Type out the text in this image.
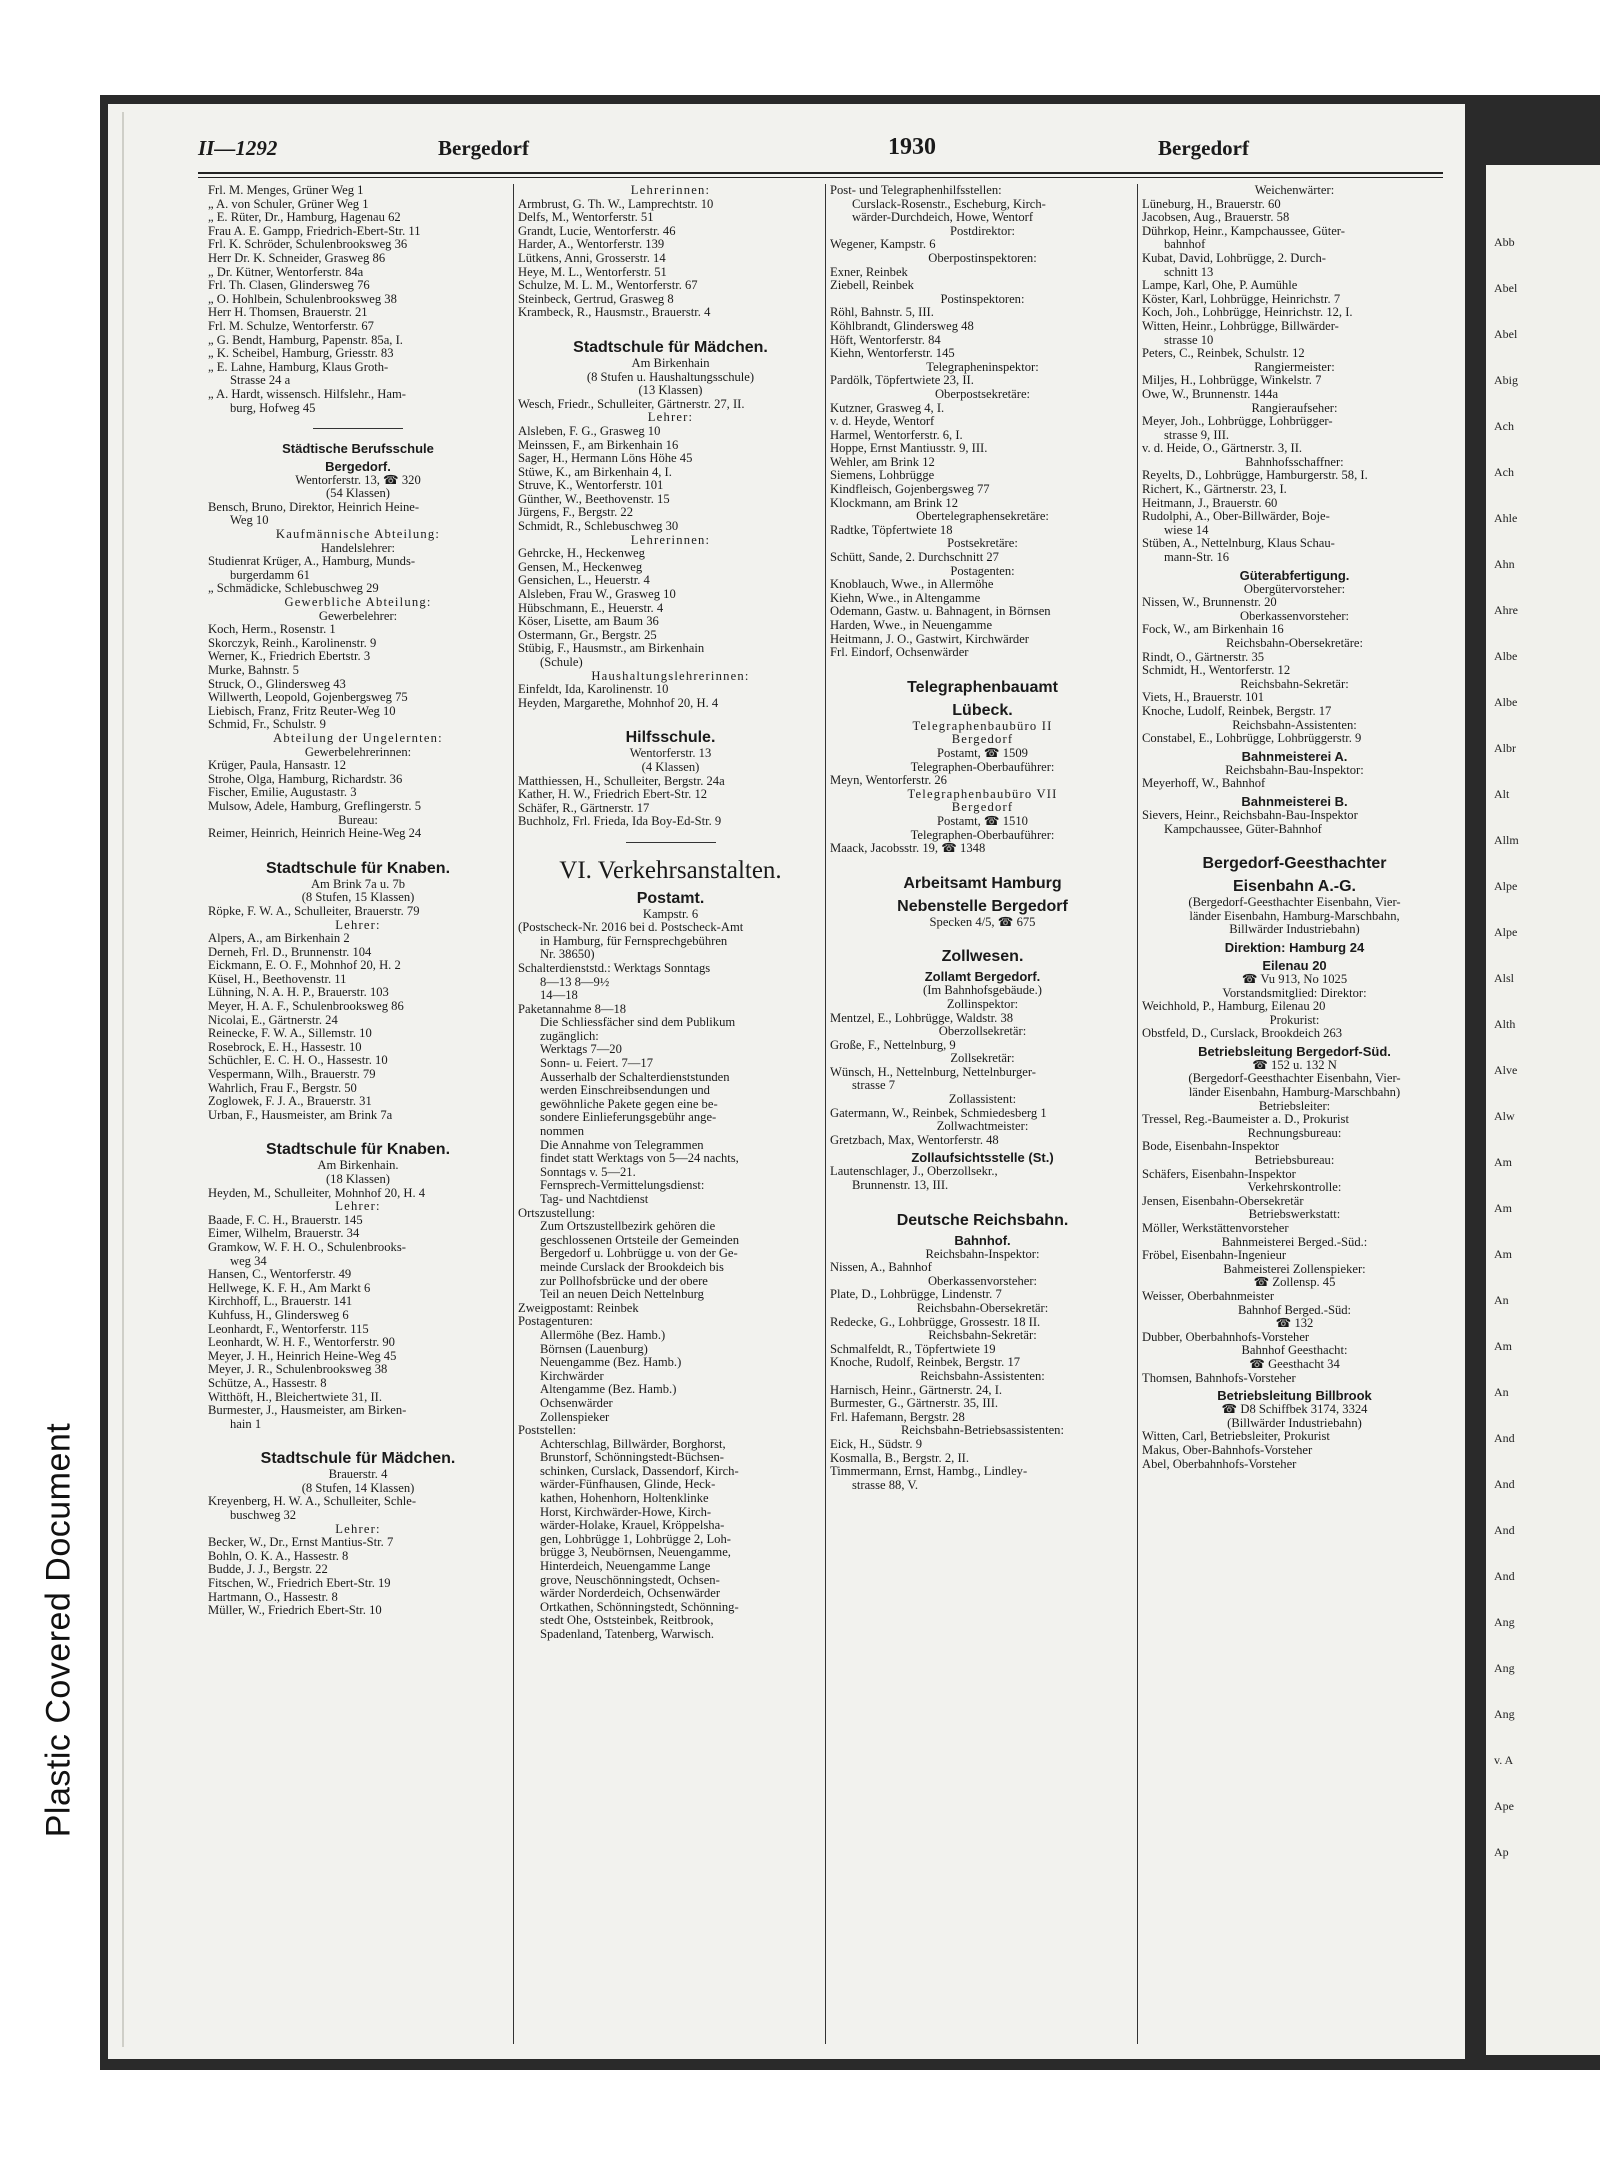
Plastic Covered Document
II—1292	Bergedorf	1930	Bergedorf
Frl. M. Menges, Grüner Weg 1
„ A. von Schuler, Grüner Weg 1
„ E. Rüter, Dr., Hamburg, Hagenau 62
Frau A. E. Gampp, Friedrich-Ebert-Str. 11
Frl. K. Schröder, Schulenbrooksweg 36
Herr Dr. K. Schneider, Grasweg 86
„ Dr. Kütner, Wentorferstr. 84a
Frl. Th. Clasen, Glindersweg 76
„ O. Hohlbein, Schulenbrooksweg 38
Herr H. Thomsen, Brauerstr. 21
Frl. M. Schulze, Wentorferstr. 67
„ G. Bendt, Hamburg, Papenstr. 85a, I.
„ K. Scheibel, Hamburg, Griesstr. 83
„ E. Lahne, Hamburg, Klaus Groth-
Strasse 24 a
„ A. Hardt, wissensch. Hilfslehr., Ham-
burg, Hofweg 45
Städtische Berufsschule
Bergedorf.
Wentorferstr. 13, ☎ 320
(54 Klassen)
Bensch, Bruno, Direktor, Heinrich Heine-
Weg 10
Kaufmännische Abteilung:
Handelslehrer:
Studienrat Krüger, A., Hamburg, Munds-
burgerdamm 61
„ Schmädicke, Schlebuschweg 29
Gewerbliche Abteilung:
Gewerbelehrer:
Koch, Herm., Rosenstr. 1
Skorczyk, Reinh., Karolinenstr. 9
Werner, K., Friedrich Ebertstr. 3
Murke, Bahnstr. 5
Struck, O., Glindersweg 43
Willwerth, Leopold, Gojenbergsweg 75
Liebisch, Franz, Fritz Reuter-Weg 10
Schmid, Fr., Schulstr. 9
Abteilung der Ungelernten:
Gewerbelehrerinnen:
Krüger, Paula, Hansastr. 12
Strohe, Olga, Hamburg, Richardstr. 36
Fischer, Emilie, Augustastr. 3
Mulsow, Adele, Hamburg, Greflingerstr. 5
Bureau:
Reimer, Heinrich, Heinrich Heine-Weg 24
Stadtschule für Knaben.
Am Brink 7a u. 7b
(8 Stufen, 15 Klassen)
Röpke, F. W. A., Schulleiter, Brauerstr. 79
Lehrer:
Alpers, A., am Birkenhain 2
Derneh, Frl. D., Brunnenstr. 104
Eickmann, E. O. F., Mohnhof 20, H. 2
Küsel, H., Beethovenstr. 11
Lühning, N. A. H. P., Brauerstr. 103
Meyer, H. A. F., Schulenbrooksweg 86
Nicolai, E., Gärtnerstr. 24
Reinecke, F. W. A., Sillemstr. 10
Rosebrock, E. H., Hassestr. 10
Schüchler, E. C. H. O., Hassestr. 10
Vespermann, Wilh., Brauerstr. 79
Wahrlich, Frau F., Bergstr. 50
Zoglowek, F. J. A., Brauerstr. 31
Urban, F., Hausmeister, am Brink 7a
Stadtschule für Knaben.
Am Birkenhain.
(18 Klassen)
Heyden, M., Schulleiter, Mohnhof 20, H. 4
Lehrer:
Baade, F. C. H., Brauerstr. 145
Eimer, Wilhelm, Brauerstr. 34
Gramkow, W. F. H. O., Schulenbrooks-
weg 34
Hansen, C., Wentorferstr. 49
Hellwege, K. F. H., Am Markt 6
Kirchhoff, L., Brauerstr. 141
Kuhfuss, H., Glindersweg 6
Leonhardt, F., Wentorferstr. 115
Leonhardt, W. H. F., Wentorferstr. 90
Meyer, J. H., Heinrich Heine-Weg 45
Meyer, J. R., Schulenbrooksweg 38
Schütze, A., Hassestr. 8
Witthöft, H., Bleichertwiete 31, II.
Burmester, J., Hausmeister, am Birken-
hain 1
Stadtschule für Mädchen.
Brauerstr. 4
(8 Stufen, 14 Klassen)
Kreyenberg, H. W. A., Schulleiter, Schle-
buschweg 32
Lehrer:
Becker, W., Dr., Ernst Mantius-Str. 7
Bohln, O. K. A., Hassestr. 8
Budde, J. J., Bergstr. 22
Fitschen, W., Friedrich Ebert-Str. 19
Hartmann, O., Hassestr. 8
Müller, W., Friedrich Ebert-Str. 10
Lehrerinnen:
Armbrust, G. Th. W., Lamprechtstr. 10
Delfs, M., Wentorferstr. 51
Grandt, Lucie, Wentorferstr. 46
Harder, A., Wentorferstr. 139
Lütkens, Anni, Grosserstr. 14
Heye, M. L., Wentorferstr. 51
Schulze, M. L. M., Wentorferstr. 67
Steinbeck, Gertrud, Grasweg 8
Krambeck, R., Hausmstr., Brauerstr. 4
Stadtschule für Mädchen.
Am Birkenhain
(8 Stufen u. Haushaltungsschule)
(13 Klassen)
Wesch, Friedr., Schulleiter, Gärtnerstr. 27, II.
Lehrer:
Alsleben, F. G., Grasweg 10
Meinssen, F., am Birkenhain 16
Sager, H., Hermann Löns Höhe 45
Stüwe, K., am Birkenhain 4, I.
Struve, K., Wentorferstr. 101
Günther, W., Beethovenstr. 15
Jürgens, F., Bergstr. 22
Schmidt, R., Schlebuschweg 30
Lehrerinnen:
Gehrcke, H., Heckenweg
Gensen, M., Heckenweg
Gensichen, L., Heuerstr. 4
Alsleben, Frau W., Grasweg 10
Hübschmann, E., Heuerstr. 4
Köser, Lisette, am Baum 36
Ostermann, Gr., Bergstr. 25
Stübig, F., Hausmstr., am Birkenhain
(Schule)
Haushaltungslehrerinnen:
Einfeldt, Ida, Karolinenstr. 10
Heyden, Margarethe, Mohnhof 20, H. 4
Hilfsschule.
Wentorferstr. 13
(4 Klassen)
Matthiessen, H., Schulleiter, Bergstr. 24a
Kather, H. W., Friedrich Ebert-Str. 12
Schäfer, R., Gärtnerstr. 17
Buchholz, Frl. Frieda, Ida Boy-Ed-Str. 9
VI. Verkehrsanstalten.
Postamt.
Kampstr. 6
(Postscheck-Nr. 2016 bei d. Postscheck-Amt
in Hamburg, für Fernsprechgebühren
Nr. 38650)
Schalterdienststd.: Werktags Sonntags
8—13 8—9½
14—18
Paketannahme 8—18
Die Schliessfächer sind dem Publikum
zugänglich:
Werktags 7—20
Sonn- u. Feiert. 7—17
Ausserhalb der Schalterdienststunden
werden Einschreibsendungen und
gewöhnliche Pakete gegen eine be-
sondere Einlieferungsgebühr ange-
nommen
Die Annahme von Telegrammen
findet statt Werktags von 5—24 nachts,
Sonntags v. 5—21.
Fernsprech-Vermittelungsdienst:
Tag- und Nachtdienst
Ortszustellung:
Zum Ortszustellbezirk gehören die
geschlossenen Ortsteile der Gemeinden
Bergedorf u. Lohbrügge u. von der Ge-
meinde Curslack der Brookdeich bis
zur Pollhofsbrücke und der obere
Teil an neuen Deich Nettelnburg
Zweigpostamt: Reinbek
Postagenturen:
Allermöhe (Bez. Hamb.)
Börnsen (Lauenburg)
Neuengamme (Bez. Hamb.)
Kirchwärder
Altengamme (Bez. Hamb.)
Ochsenwärder
Zollenspieker
Poststellen:
Achterschlag, Billwärder, Borghorst,
Brunstorf, Schönningstedt-Büchsen-
schinken, Curslack, Dassendorf, Kirch-
wärder-Fünfhausen, Glinde, Heck-
kathen, Hohenhorn, Holtenklinke
Horst, Kirchwärder-Howe, Kirch-
wärder-Holake, Krauel, Kröppelsha-
gen, Lohbrügge 1, Lohbrügge 2, Loh-
brügge 3, Neubörnsen, Neuengamme,
Hinterdeich, Neuengamme Lange
grove, Neuschönningstedt, Ochsen-
wärder Norderdeich, Ochsenwärder
Ortkathen, Schönningstedt, Schönning-
stedt Ohe, Oststeinbek, Reitbrook,
Spadenland, Tatenberg, Warwisch.
Post- und Telegraphenhilfsstellen:
Curslack-Rosenstr., Escheburg, Kirch-
wärder-Durchdeich, Howe, Wentorf
Postdirektor:
Wegener, Kampstr. 6
Oberpostinspektoren:
Exner, Reinbek
Ziebell, Reinbek
Postinspektoren:
Röhl, Bahnstr. 5, III.
Köhlbrandt, Glindersweg 48
Höft, Wentorferstr. 84
Kiehn, Wentorferstr. 145
Telegrapheninspektor:
Pardölk, Töpfertwiete 23, II.
Oberpostsekretäre:
Kutzner, Grasweg 4, I.
v. d. Heyde, Wentorf
Harmel, Wentorferstr. 6, I.
Hoppe, Ernst Mantiusstr. 9, III.
Wehler, am Brink 12
Siemens, Lohbrügge
Kindfleisch, Gojenbergsweg 77
Klockmann, am Brink 12
Obertelegraphensekretäre:
Radtke, Töpfertwiete 18
Postsekretäre:
Schütt, Sande, 2. Durchschnitt 27
Postagenten:
Knoblauch, Wwe., in Allermöhe
Kiehn, Wwe., in Altengamme
Odemann, Gastw. u. Bahnagent, in Börnsen
Harden, Wwe., in Neuengamme
Heitmann, J. O., Gastwirt, Kirchwärder
Frl. Eindorf, Ochsenwärder
Telegraphenbauamt
Lübeck.
Telegraphenbaubüro II
Bergedorf
Postamt, ☎ 1509
Telegraphen-Oberbauführer:
Meyn, Wentorferstr. 26
Telegraphenbaubüro VII
Bergedorf
Postamt, ☎ 1510
Telegraphen-Oberbauführer:
Maack, Jacobsstr. 19, ☎ 1348
Arbeitsamt Hamburg
Nebenstelle Bergedorf
Specken 4/5, ☎ 675
Zollwesen.
Zollamt Bergedorf.
(Im Bahnhofsgebäude.)
Zollinspektor:
Mentzel, E., Lohbrügge, Waldstr. 38
Oberzollsekretär:
Große, F., Nettelnburg, 9
Zollsekretär:
Wünsch, H., Nettelnburg, Nettelnburger-
strasse 7
Zollassistent:
Gatermann, W., Reinbek, Schmiedesberg 1
Zollwachtmeister:
Gretzbach, Max, Wentorferstr. 48
Zollaufsichtsstelle (St.)
Lautenschlager, J., Oberzollsekr.,
Brunnenstr. 13, III.
Deutsche Reichsbahn.
Bahnhof.
Reichsbahn-Inspektor:
Nissen, A., Bahnhof
Oberkassenvorsteher:
Plate, D., Lohbrügge, Lindenstr. 7
Reichsbahn-Obersekretär:
Redecke, G., Lohbrügge, Grossestr. 18 II.
Reichsbahn-Sekretär:
Schmalfeldt, R., Töpfertwiete 19
Knoche, Rudolf, Reinbek, Bergstr. 17
Reichsbahn-Assistenten:
Harnisch, Heinr., Gärtnerstr. 24, I.
Burmester, G., Gärtnerstr. 35, III.
Frl. Hafemann, Bergstr. 28
Reichsbahn-Betriebsassistenten:
Eick, H., Südstr. 9
Kosmalla, B., Bergstr. 2, II.
Timmermann, Ernst, Hambg., Lindley-
strasse 88, V.
Weichenwärter:
Lüneburg, H., Brauerstr. 60
Jacobsen, Aug., Brauerstr. 58
Dührkop, Heinr., Kampchaussee, Güter-
bahnhof
Kubat, David, Lohbrügge, 2. Durch-
schnitt 13
Lampe, Karl, Ohe, P. Aumühle
Köster, Karl, Lohbrügge, Heinrichstr. 7
Koch, Joh., Lohbrügge, Heinrichstr. 12, I.
Witten, Heinr., Lohbrügge, Billwärder-
strasse 10
Peters, C., Reinbek, Schulstr. 12
Rangiermeister:
Miljes, H., Lohbrügge, Winkelstr. 7
Owe, W., Brunnenstr. 144a
Rangieraufseher:
Meyer, Joh., Lohbrügge, Lohbrügger-
strasse 9, III.
v. d. Heide, O., Gärtnerstr. 3, II.
Bahnhofsschaffner:
Reyelts, D., Lohbrügge, Hamburgerstr. 58, I.
Richert, K., Gärtnerstr. 23, I.
Heitmann, J., Brauerstr. 60
Rudolphi, A., Ober-Billwärder, Boje-
wiese 14
Stüben, A., Nettelnburg, Klaus Schau-
mann-Str. 16
Güterabfertigung.
Obergütervorsteher:
Nissen, W., Brunnenstr. 20
Oberkassenvorsteher:
Fock, W., am Birkenhain 16
Reichsbahn-Obersekretäre:
Rindt, O., Gärtnerstr. 35
Schmidt, H., Wentorferstr. 12
Reichsbahn-Sekretär:
Viets, H., Brauerstr. 101
Knoche, Ludolf, Reinbek, Bergstr. 17
Reichsbahn-Assistenten:
Constabel, E., Lohbrügge, Lohbrüggerstr. 9
Bahnmeisterei A.
Reichsbahn-Bau-Inspektor:
Meyerhoff, W., Bahnhof
Bahnmeisterei B.
Sievers, Heinr., Reichsbahn-Bau-Inspektor
Kampchaussee, Güter-Bahnhof
Bergedorf-Geesthachter
Eisenbahn A.-G.
(Bergedorf-Geesthachter Eisenbahn, Vier-
länder Eisenbahn, Hamburg-Marschbahn,
Billwärder Industriebahn)
Direktion: Hamburg 24
Eilenau 20
☎ Vu 913, No 1025
Vorstandsmitglied: Direktor:
Weichhold, P., Hamburg, Eilenau 20
Prokurist:
Obstfeld, D., Curslack, Brookdeich 263
Betriebsleitung Bergedorf-Süd.
☎ 152 u. 132 N
(Bergedorf-Geesthachter Eisenbahn, Vier-
länder Eisenbahn, Hamburg-Marschbahn)
Betriebsleiter:
Tressel, Reg.-Baumeister a. D., Prokurist
Rechnungsbureau:
Bode, Eisenbahn-Inspektor
Betriebsbureau:
Schäfers, Eisenbahn-Inspektor
Verkehrskontrolle:
Jensen, Eisenbahn-Obersekretär
Betriebswerkstatt:
Möller, Werkstättenvorsteher
Bahnmeisterei Berged.-Süd.:
Fröbel, Eisenbahn-Ingenieur
Bahmeisterei Zollenspieker:
☎ Zollensp. 45
Weisser, Oberbahnmeister
Bahnhof Berged.-Süd:
☎ 132
Dubber, Oberbahnhofs-Vorsteher
Bahnhof Geesthacht:
☎ Geesthacht 34
Thomsen, Bahnhofs-Vorsteher
Betriebsleitung Billbrook
☎ D8 Schiffbek 3174, 3324
(Billwärder Industriebahn)
Witten, Carl, Betriebsleiter, Prokurist
Makus, Ober-Bahnhofs-Vorsteher
Abel, Oberbahnhofs-Vorsteher
Abb
Abel
Abel
Abig
Ach
Ach
Ahle
Ahn
Ahre
Albe
Albe
Albr
Alt
Allm
Alpe
Alpe
Alsl
Alth
Alve
Alw
Am
Am
Am
An
Am
An
And
And
And
And
Ang
Ang
Ang
v. A
Ape
Ap
